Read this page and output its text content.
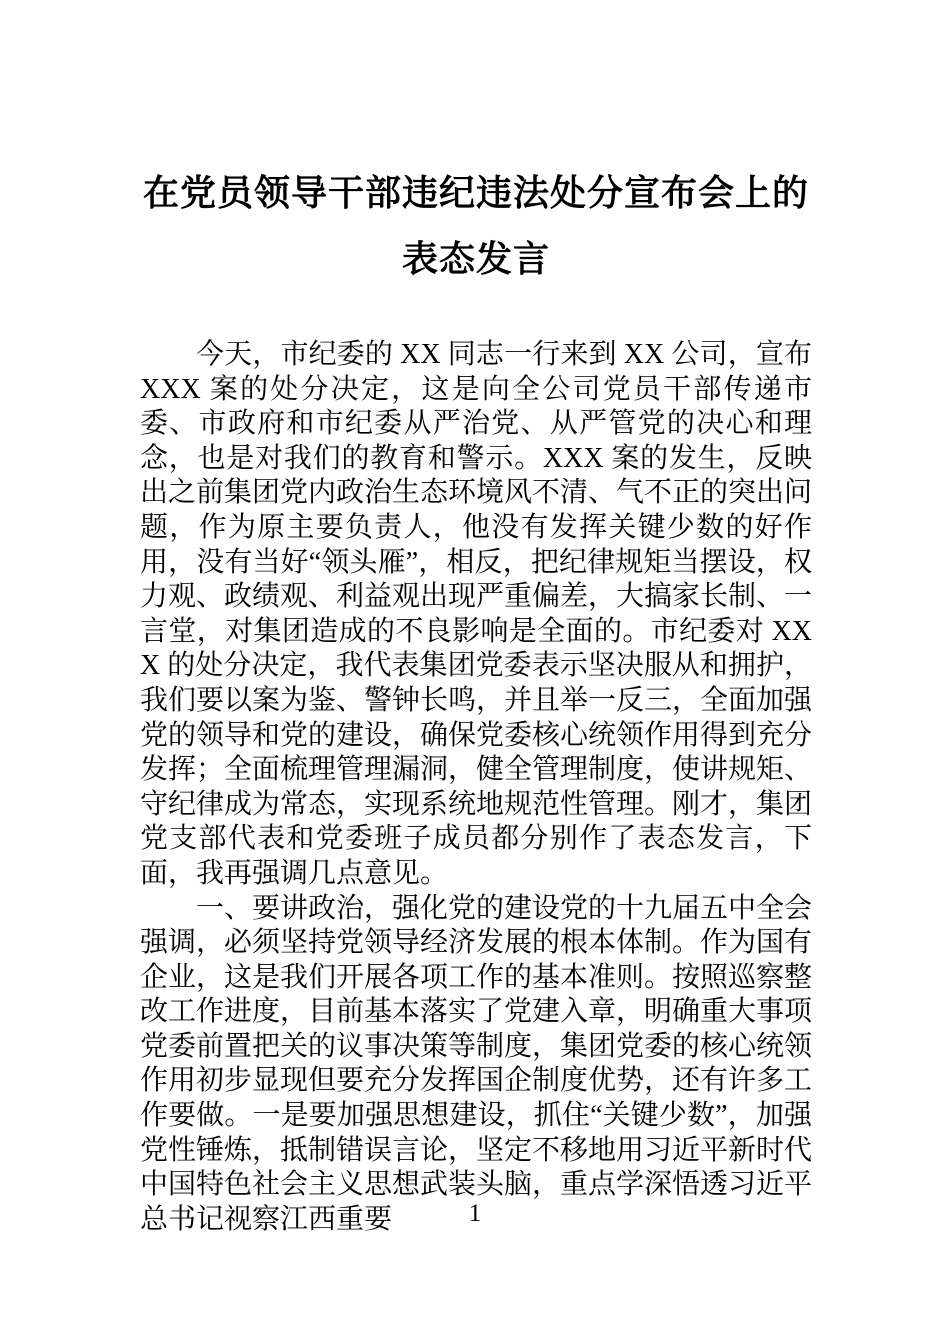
在党员领导干部违纪违法处分宣布会上的
表态发言

今天，市纪委的 XX 同志一行来到 XX 公司，宣布 XXX 案的处分决定，这是向全公司党员干部传递市委、市政府和市纪委从严治党、从严管党的决心和理念，也是对我们的教育和警示。XXX 案的发生，反映出之前集团党内政治生态环境风不清、气不正的突出问题，作为原主要负责人，他没有发挥关键少数的好作用，没有当好“领头雁”，相反，把纪律规矩当摆设，权力观、政绩观、利益观出现严重偏差，大搞家长制、一言堂，对集团造成的不良影响是全面的。市纪委对 XXX 的处分决定，我代表集团党委表示坚决服从和拥护，我们要以案为鉴、警钟长鸣，并且举一反三，全面加强党的领导和党的建设，确保党委核心统领作用得到充分发挥；全面梳理管理漏洞，健全管理制度，使讲规矩、守纪律成为常态，实现系统地规范性管理。刚才，集团党支部代表和党委班子成员都分别作了表态发言，下面，我再强调几点意见。

一、要讲政治，强化党的建设党的十九届五中全会强调，必须坚持党领导经济发展的根本体制。作为国有企业，这是我们开展各项工作的基本准则。按照巡察整改工作进度，目前基本落实了党建入章，明确重大事项党委前置把关的议事决策等制度，集团党委的核心统领作用初步显现但要充分发挥国企制度优势，还有许多工作要做。一是要加强思想建设，抓住“关键少数”，加强党性锤炼，抵制错误言论，坚定不移地用习近平新时代中国特色社会主义思想武装头脑，重点学深悟透习近平总书记视察江西重要	1
